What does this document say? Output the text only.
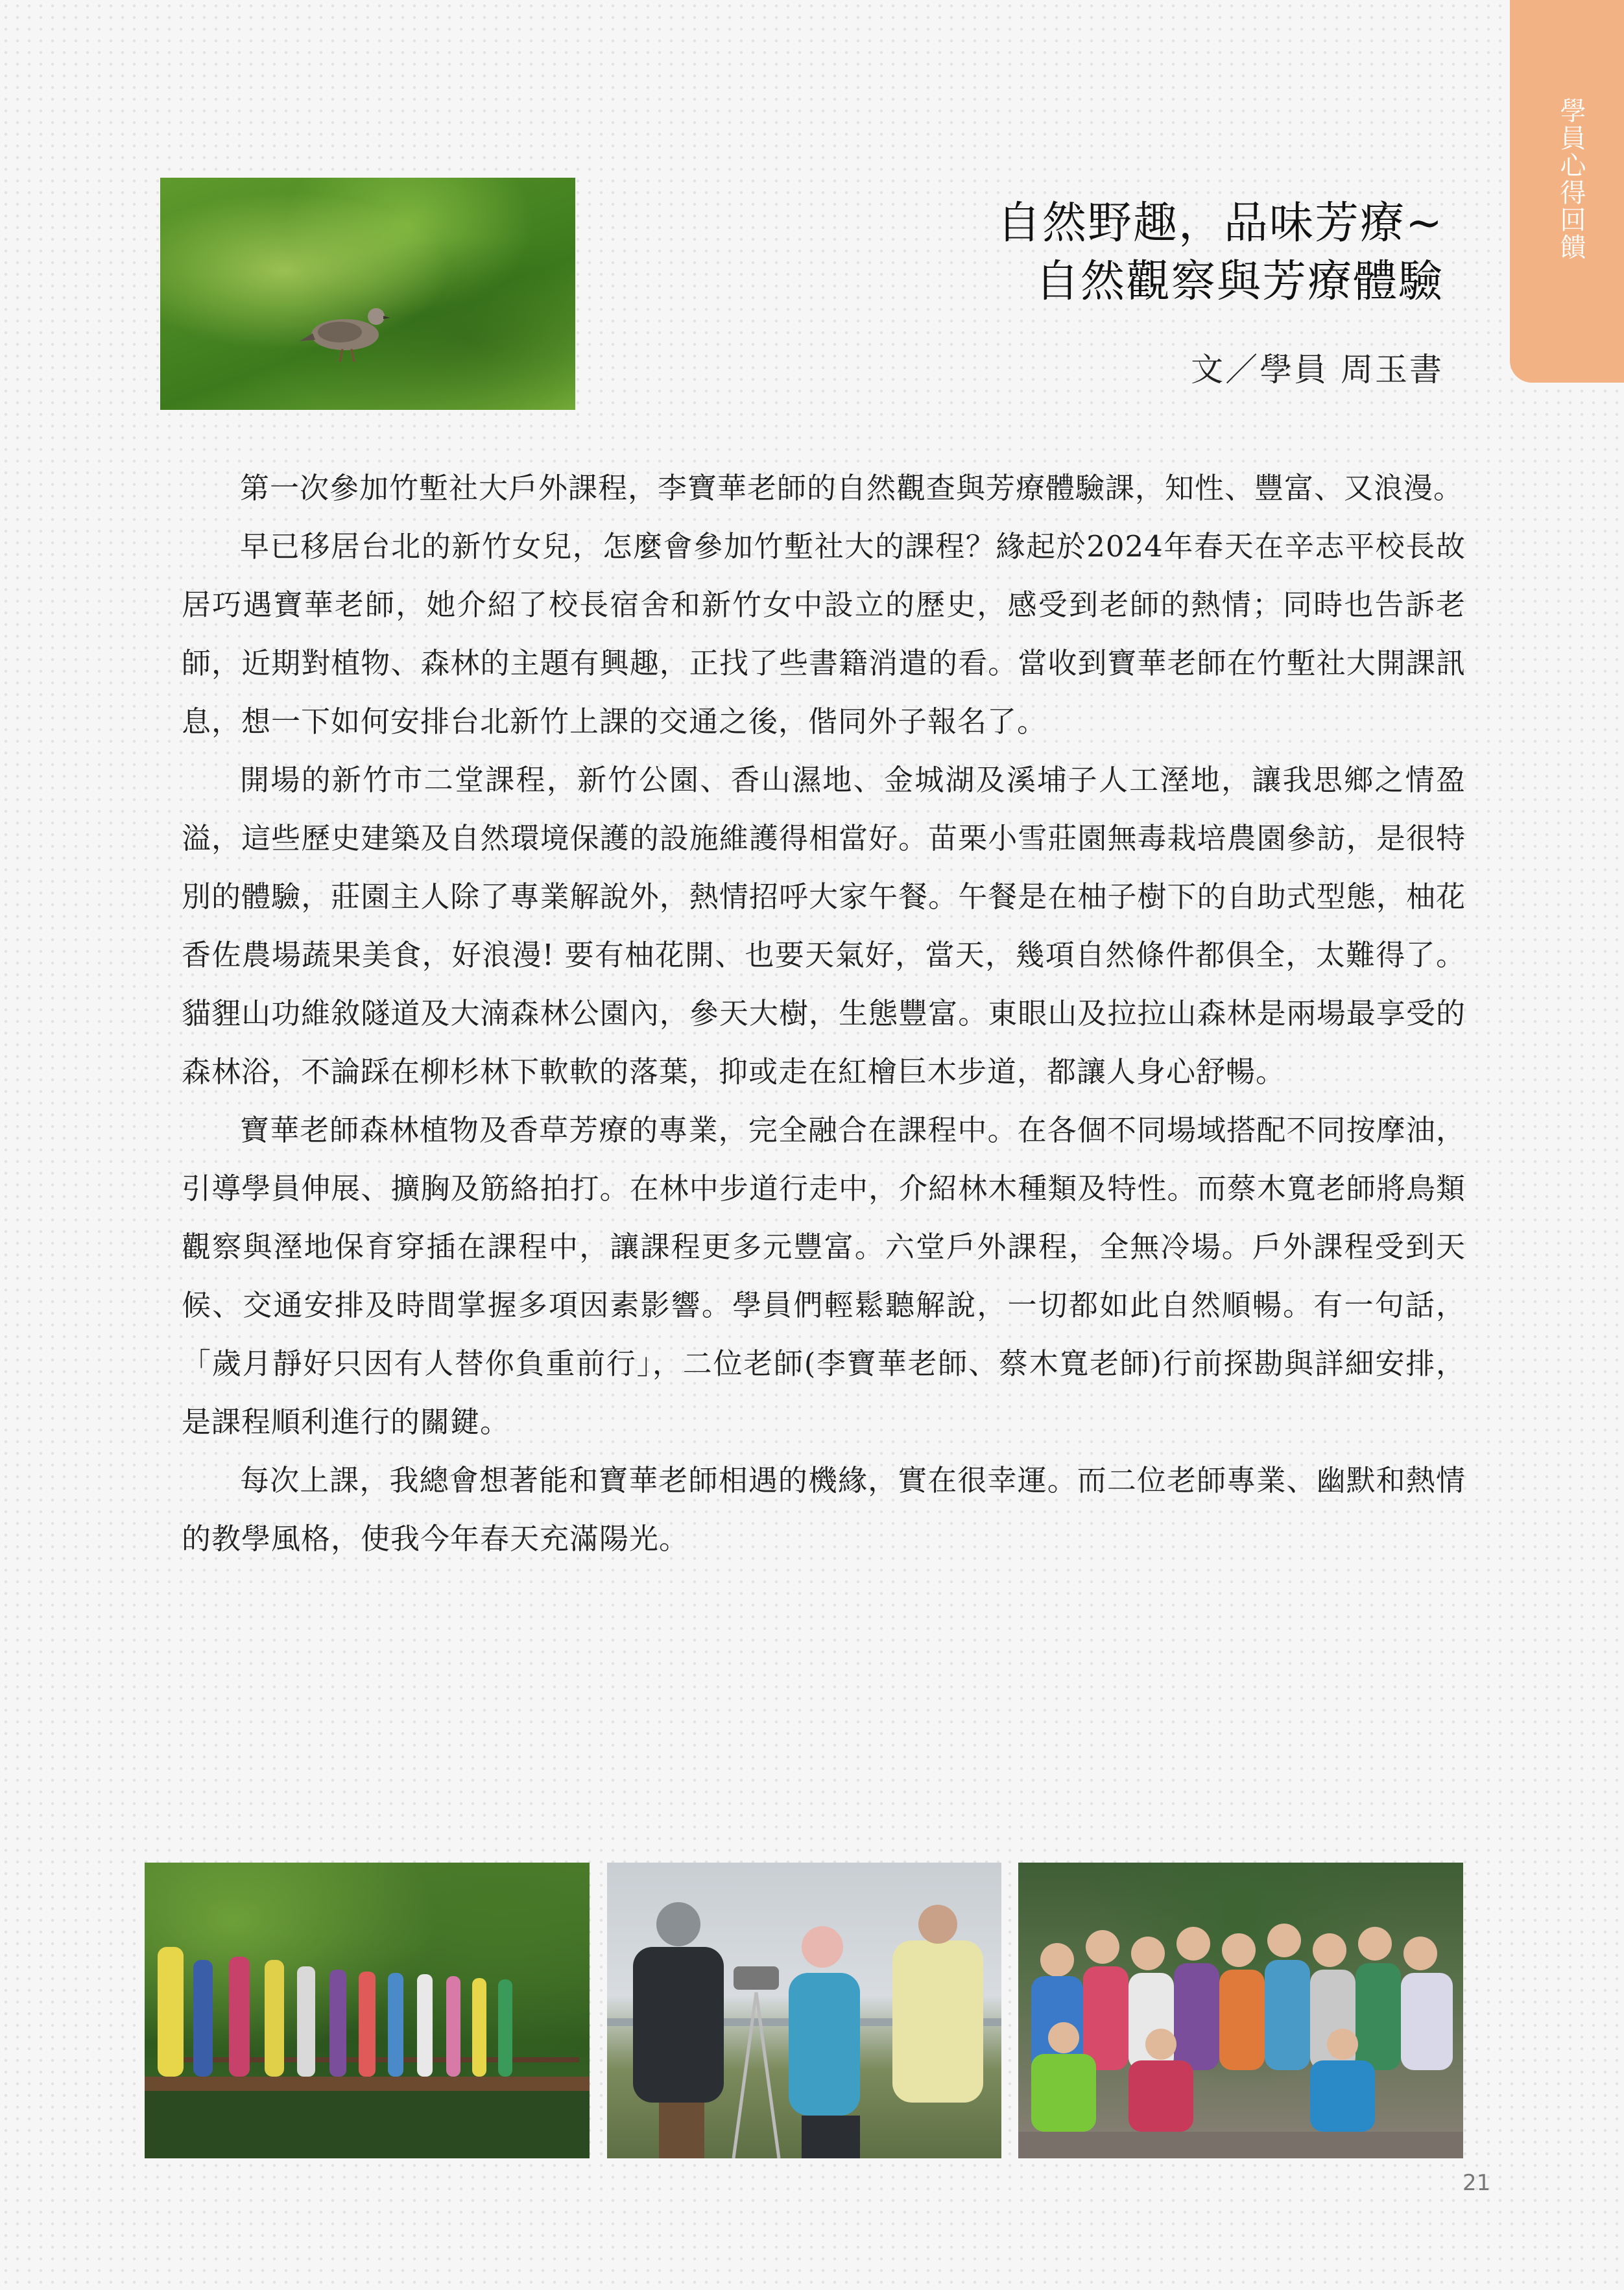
學員心得回饋
自然野趣，品味芳療~
自然觀察與芳療體驗
文／學員 周玉書

第一次參加竹塹社大戶外課程，李寶華老師的自然觀查與芳療體驗課，知性、豐富、又浪漫。

早已移居台北的新竹女兒，怎麼會參加竹塹社大的課程？緣起於2024年春天在辛志平校長故居巧遇寶華老師，她介紹了校長宿舍和新竹女中設立的歷史，感受到老師的熱情；同時也告訴老師，近期對植物、森林的主題有興趣，正找了些書籍消遣的看。當收到寶華老師在竹塹社大開課訊息，想一下如何安排台北新竹上課的交通之後，偕同外子報名了。

開場的新竹市二堂課程，新竹公園、香山濕地、金城湖及溪埔子人工溼地，讓我思鄉之情盈溢，這些歷史建築及自然環境保護的設施維護得相當好。苗栗小雪莊園無毒栽培農園參訪，是很特別的體驗，莊園主人除了專業解說外，熱情招呼大家午餐。午餐是在柚子樹下的自助式型態，柚花香佐農場蔬果美食，好浪漫! 要有柚花開、也要天氣好，當天，幾項自然條件都俱全，太難得了。貓貍山功維敘隧道及大湳森林公園內，參天大樹，生態豐富。東眼山及拉拉山森林是兩場最享受的森林浴，不論踩在柳杉林下軟軟的落葉，抑或走在紅檜巨木步道，都讓人身心舒暢。

寶華老師森林植物及香草芳療的專業，完全融合在課程中。在各個不同場域搭配不同按摩油，引導學員伸展、擴胸及筋絡拍打。在林中步道行走中，介紹林木種類及特性。而蔡木寬老師將鳥類觀察與溼地保育穿插在課程中，讓課程更多元豐富。六堂戶外課程，全無冷場。戶外課程受到天候、交通安排及時間掌握多項因素影響。學員們輕鬆聽解說，一切都如此自然順暢。有一句話，「歲月靜好只因有人替你負重前行」，二位老師(李寶華老師、蔡木寬老師)行前探勘與詳細安排，是課程順利進行的關鍵。

每次上課，我總會想著能和寶華老師相遇的機緣，實在很幸運。而二位老師專業、幽默和熱情的教學風格，使我今年春天充滿陽光。

21
